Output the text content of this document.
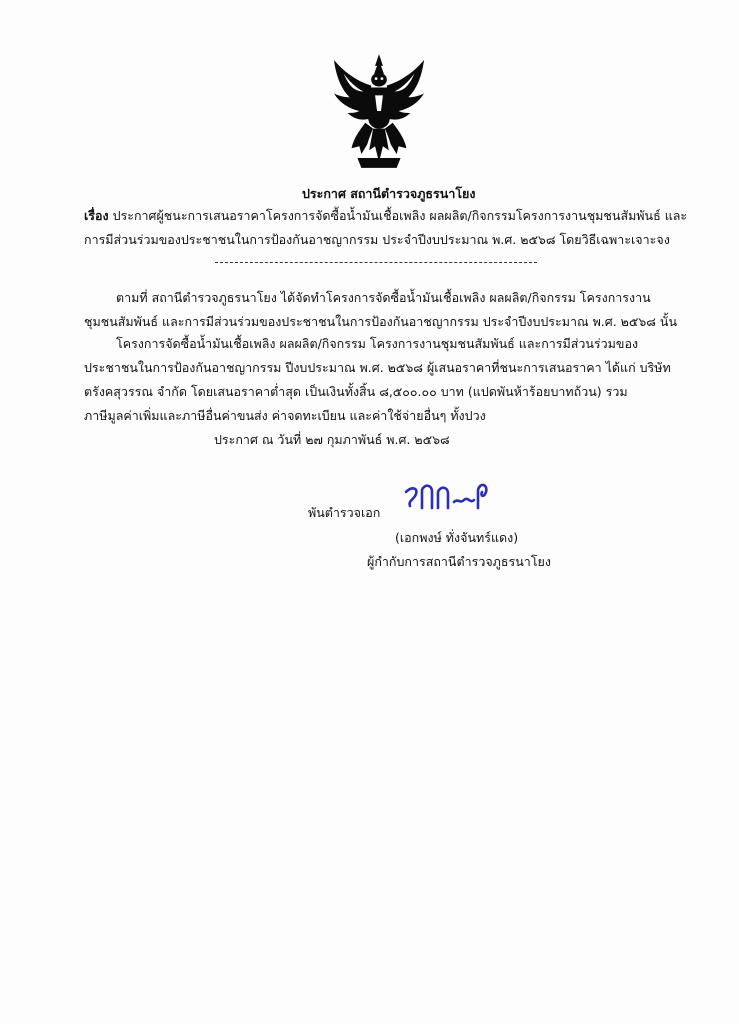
ประกาศ สถานีตำรวจภูธรนาโยง
เรื่อง ประกาศผู้ชนะการเสนอราคาโครงการจัดซื้อน้ำมันเชื้อเพลิง ผลผลิต/กิจกรรมโครงการงานชุมชนสัมพันธ์ และ
การมีส่วนร่วมของประชาชนในการป้องกันอาชญากรรม ประจำปีงบประมาณ พ.ศ. ๒๕๖๘ โดยวิธีเฉพาะเจาะจง
ตามที่ สถานีตำรวจภูธรนาโยง ได้จัดทำโครงการจัดซื้อน้ำมันเชื้อเพลิง ผลผลิต/กิจกรรม โครงการงาน
ชุมชนสัมพันธ์ และการมีส่วนร่วมของประชาชนในการป้องกันอาชญากรรม ประจำปีงบประมาณ พ.ศ. ๒๕๖๘ นั้น
โครงการจัดซื้อน้ำมันเชื้อเพลิง ผลผลิต/กิจกรรม โครงการงานชุมชนสัมพันธ์ และการมีส่วนร่วมของ
ประชาชนในการป้องกันอาชญากรรม ปีงบประมาณ พ.ศ. ๒๕๖๘ ผู้เสนอราคาที่ชนะการเสนอราคา ได้แก่ บริษัท
ตรังคสุวรรณ จำกัด โดยเสนอราคาต่ำสุด เป็นเงินทั้งสิ้น ๘,๕๐๐.๐๐ บาท (แปดพันห้าร้อยบาทถ้วน) รวม
ภาษีมูลค่าเพิ่มและภาษีอื่นค่าขนส่ง ค่าจดทะเบียน และค่าใช้จ่ายอื่นๆ ทั้งปวง
ประกาศ ณ วันที่ ๒๗ กุมภาพันธ์ พ.ศ. ๒๕๖๘
พันตำรวจเอก
(เอกพงษ์ ทั่งจันทร์แดง)
ผู้กำกับการสถานีตำรวจภูธรนาโยง
